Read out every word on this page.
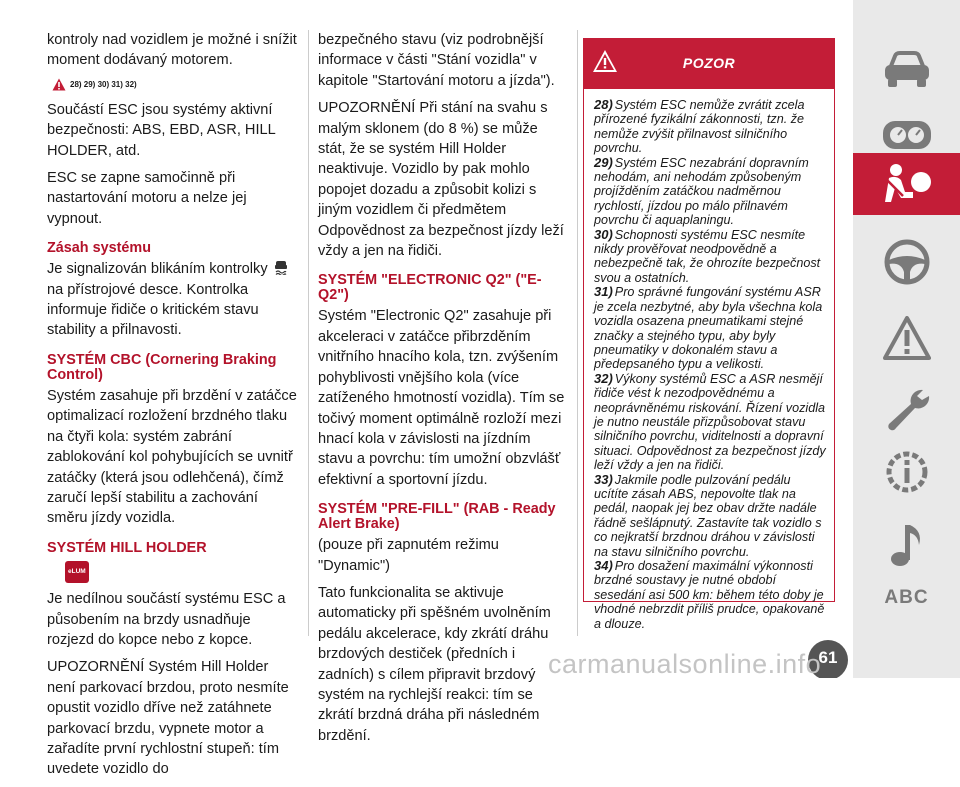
kontroly nad vozidlem je možné i snížit moment dodávaný motorem.

28) 29) 30) 31) 32)

Součástí ESC jsou systémy aktivní bezpečnosti: ABS, EBD, ASR, HILL HOLDER, atd.

ESC se zapne samočinně při nastartování motoru a nelze jej vypnout.

Zásah systému

Je signalizován blikáním kontrolky  na přístrojové desce. Kontrolka informuje řidiče o kritickém stavu stability a přilnavosti.

SYSTÉM CBC (Cornering Braking Control)

Systém zasahuje při brzdění v zatáčce optimalizací rozložení brzdného tlaku na čtyři kola: systém zabrání zablokování kol pohybujících se uvnitř zatáčky (která jsou odlehčená), čímž zaručí lepší stabilitu a zachování směru jízdy vozidla.

SYSTÉM HILL HOLDER
eLUM

Je nedílnou součástí systému ESC a působením na brzdy usnadňuje rozjezd do kopce nebo z kopce.

UPOZORNĚNÍ Systém Hill Holder není parkovací brzdou, proto nesmíte opustit vozidlo dříve než zatáhnete parkovací brzdu, vypnete motor a zařadíte první rychlostní stupeň: tím uvedete vozidlo do

bezpečného stavu (viz podrobnější informace v části "Stání vozidla" v kapitole "Startování motoru a jízda").

UPOZORNĚNÍ Při stání na svahu s malým sklonem (do 8 %) se může stát, že se systém Hill Holder neaktivuje. Vozidlo by pak mohlo popojet dozadu a způsobit kolizi s jiným vozidlem či předmětem Odpovědnost za bezpečnost jízdy leží vždy a jen na řidiči.

SYSTÉM "ELECTRONIC Q2" ("E-Q2")

Systém "Electronic Q2" zasahuje při akceleraci v zatáčce přibrzděním vnitřního hnacího kola, tzn. zvýšením pohyblivosti vnějšího kola (více zatíženého hmotností vozidla). Tím se točivý moment optimálně rozloží mezi hnací kola v závislosti na jízdním stavu a povrchu: tím umožní obzvlášť efektivní a sportovní jízdu.

SYSTÉM "PRE-FILL" (RAB - Ready Alert Brake)

(pouze při zapnutém režimu "Dynamic")

Tato funkcionalita se aktivuje automaticky při spěšném uvolněním pedálu akcelerace, kdy zkrátí dráhu brzdových destiček (předních i zadních) s cílem připravit brzdový systém na rychlejší reakci: tím se zkrátí brzdná dráha při následném brzdění.

POZOR

28) Systém ESC nemůže zvrátit zcela přírozené fyzikální zákonnosti, tzn. že nemůže zvýšit přilnavost silničního povrchu.

29) Systém ESC nezabrání dopravním nehodám, ani nehodám způsobeným projížděním zatáčkou nadměrnou rychlostí, jízdou po málo přilnavém povrchu či aquaplaningu.

30) Schopnosti systému ESC nesmíte nikdy prověřovat neodpovědně a nebezpečně tak, že ohrozíte bezpečnost svou a ostatních.

31) Pro správné fungování systému ASR je zcela nezbytné, aby byla všechna kola vozidla osazena pneumatikami stejné značky a stejného typu, aby byly pneumatiky v dokonalém stavu a předepsaného typu a velikosti.

32) Výkony systémů ESC a ASR nesmějí řidiče vést k nezodpovědnému a neoprávněnému riskování. Řízení vozidla je nutno neustále přizpůsobovat stavu silničního povrchu, viditelnosti a dopravní situaci. Odpovědnost za bezpečnost jízdy leží vždy a jen na řidiči.

33) Jakmile podle pulzování pedálu ucítíte zásah ABS, nepovolte tlak na pedál, naopak jej bez obav držte nadále řádně sešlápnutý. Zastavíte tak vozidlo s co nejkratší brzdnou dráhou v závislosti na stavu silničního povrchu.

34) Pro dosažení maximální výkonnosti brzdné soustavy je nutné období sesedání asi 500 km: během této doby je vhodné nebrzdit příliš prudce, opakovaně a dlouze.

ABC
61
carmanualsonline.info
